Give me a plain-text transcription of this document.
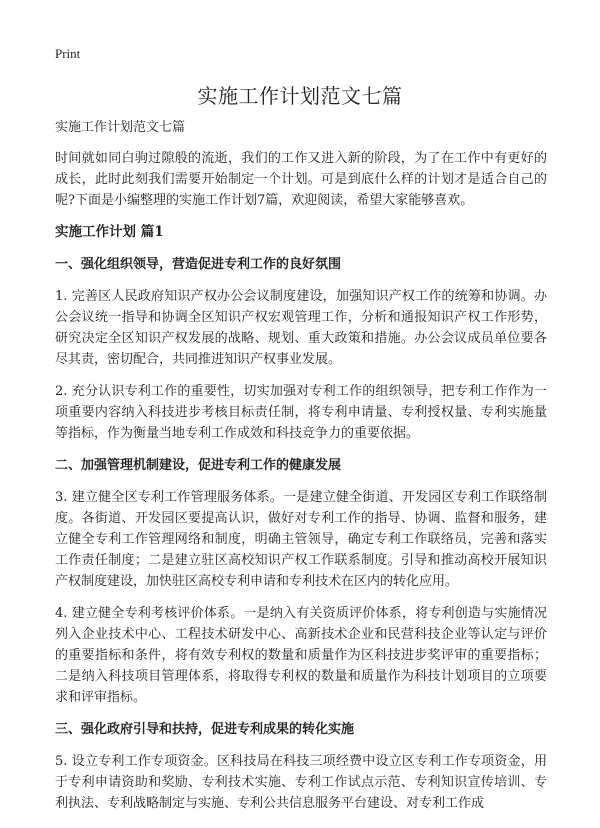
Print
实施工作计划范文七篇

实施工作计划范文七篇

时间就如同白驹过隙般的流逝，我们的工作又进入新的阶段，为了在工作中有更好的成长，此时此刻我们需要开始制定一个计划。可是到底什么样的计划才是适合自己的呢?下面是小编整理的实施工作计划7篇，欢迎阅读，希望大家能够喜欢。

实施工作计划 篇1

一、强化组织领导，营造促进专利工作的良好氛围

1. 完善区人民政府知识产权办公会议制度建设，加强知识产权工作的统筹和协调。办公会议统一指导和协调全区知识产权宏观管理工作，分析和通报知识产权工作形势，研究决定全区知识产权发展的战略、规划、重大政策和措施。办公会议成员单位要各尽其责，密切配合，共同推进知识产权事业发展。

2. 充分认识专利工作的重要性，切实加强对专利工作的组织领导，把专利工作作为一项重要内容纳入科技进步考核目标责任制，将专利申请量、专利授权量、专利实施量等指标，作为衡量当地专利工作成效和科技竞争力的重要依据。

二、加强管理机制建设，促进专利工作的健康发展

3. 建立健全区专利工作管理服务体系。一是建立健全街道、开发园区专利工作联络制度。各街道、开发园区要提高认识，做好对专利工作的指导、协调、监督和服务，建立健全专利工作管理网络和制度，明确主管领导，确定专利工作联络员，完善和落实工作责任制度；二是建立驻区高校知识产权工作联系制度。引导和推动高校开展知识产权制度建设，加快驻区高校专利申请和专利技术在区内的转化应用。

4. 建立健全专利考核评价体系。一是纳入有关资质评价体系，将专利创造与实施情况列入企业技术中心、工程技术研发中心、高新技术企业和民营科技企业等认定与评价的重要指标和条件，将有效专利权的数量和质量作为区科技进步奖评审的重要指标；二是纳入科技项目管理体系，将取得专利权的数量和质量作为科技计划项目的立项要求和评审指标。

三、强化政府引导和扶持，促进专利成果的转化实施

5. 设立专利工作专项资金。区科技局在科技三项经费中设立区专利工作专项资金，用于专利申请资助和奖励、专利技术实施、专利工作试点示范、专利知识宣传培训、专利执法、专利战略制定与实施、专利公共信息服务平台建设、对专利工作成
